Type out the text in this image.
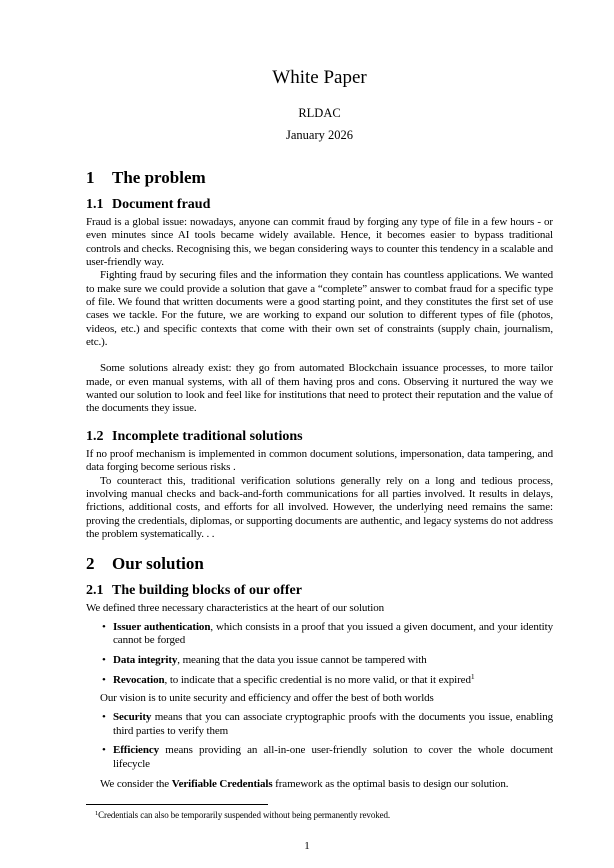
White Paper
RLDAC
January 2026
1 The problem
1.1 Document fraud

Fraud is a global issue: nowadays, anyone can commit fraud by forging any type of file in a few hours - or even minutes since AI tools became widely available. Hence, it becomes easier to bypass traditional controls and checks. Recognising this, we began considering ways to counter this tendency in a scalable and user-friendly way.

Fighting fraud by securing files and the information they contain has countless applications. We wanted to make sure we could provide a solution that gave a “complete” answer to combat fraud for a specific type of file. We found that written documents were a good starting point, and they constitutes the first set of use cases we tackle. For the future, we are working to expand our solution to different types of file (photos, videos, etc.) and specific contexts that come with their own set of constraints (supply chain, journalism, etc.).

Some solutions already exist: they go from automated Blockchain issuance processes, to more tailor made, or even manual systems, with all of them having pros and cons. Observing it nurtured the way we wanted our solution to look and feel like for institutions that need to protect their reputation and the value of the documents they issue.

1.2 Incomplete traditional solutions

If no proof mechanism is implemented in common document solutions, impersonation, data tampering, and data forging become serious risks .

To counteract this, traditional verification solutions generally rely on a long and tedious process, involving manual checks and back-and-forth communications for all parties involved. It results in delays, frictions, additional costs, and efforts for all involved. However, the underlying need remains the same: proving the credentials, diplomas, or supporting documents are authentic, and legacy systems do not address the problem systematically. . .

2 Our solution
2.1 The building blocks of our offer

We defined three necessary characteristics at the heart of our solution

• Issuer authentication, which consists in a proof that you issued a given document, and your identity cannot be forged
• Data integrity, meaning that the data you issue cannot be tampered with
• Revocation, to indicate that a specific credential is no more valid, or that it expired$^1$

Our vision is to unite security and efficiency and offer the best of both worlds

• Security means that you can associate cryptographic proofs with the documents you issue, enabling third parties to verify them
• Efficiency means providing an all-in-one user-friendly solution to cover the whole document lifecycle

We consider the Verifiable Credentials framework as the optimal basis to design our solution.

$^1$Credentials can also be temporarily suspended without being permanently revoked.

1
